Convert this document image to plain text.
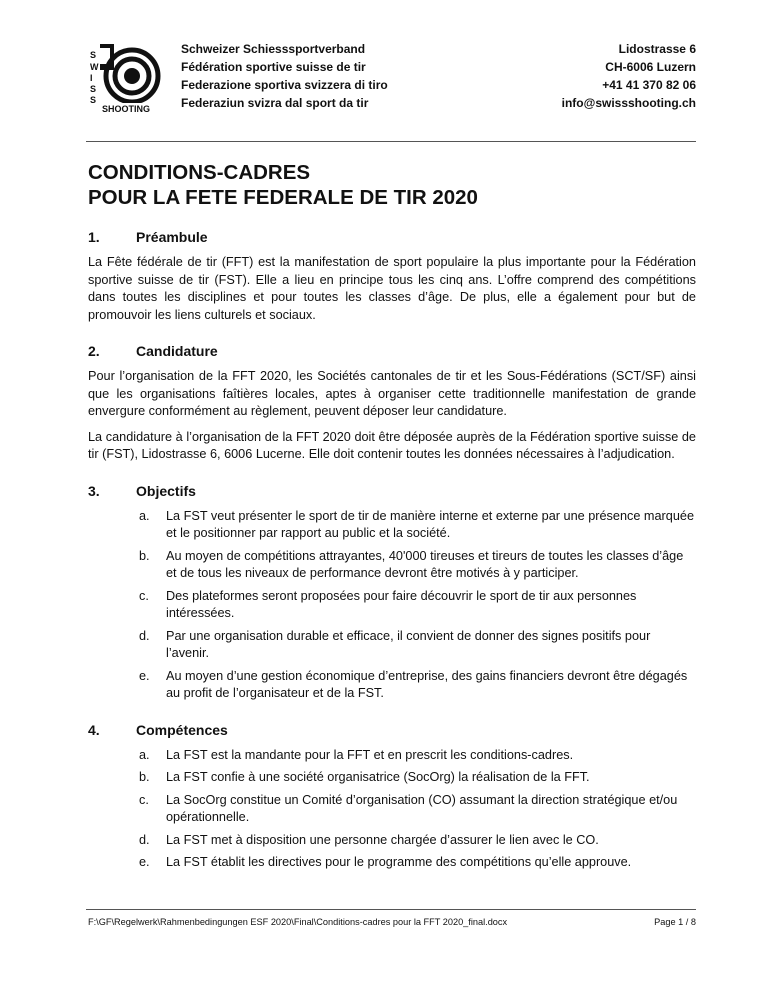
S
W
I
S
S
SHOOTING
Schweizer Schiesssportverband
Fédération sportive suisse de tir
Federazione sportiva svizzera di tiro
Federaziun svizra dal sport da tir
Lidostrasse 6
CH-6006 Luzern
+41 41 370 82 06
info@swissshooting.ch
CONDITIONS-CADRES
POUR LA FETE FEDERALE DE TIR 2020
1.	Préambule

La Fête fédérale de tir (FFT) est la manifestation de sport populaire la plus importante pour la Fédération sportive suisse de tir (FST). Elle a lieu en principe tous les cinq ans. L’offre comprend des compétitions dans toutes les disciplines et pour toutes les classes d’âge. De plus, elle a également pour but de promouvoir les liens culturels et sociaux.

2.	Candidature

Pour l’organisation de la FFT 2020, les Sociétés cantonales de tir et les Sous-Fédérations (SCT/SF) ainsi que les organisations faîtières locales, aptes à organiser cette traditionnelle manifestation de grande envergure conformément au règlement, peuvent déposer leur candidature.

La candidature à l’organisation de la FFT 2020 doit être déposée auprès de la Fédération sportive suisse de tir (FST), Lidostrasse 6, 6006 Lucerne. Elle doit contenir toutes les données nécessaires à l’adjudication.

3.	Objectifs
a.	La FST veut présenter le sport de tir de manière interne et externe par une présence marquée et le positionner par rapport au public et la société.
b.	Au moyen de compétitions attrayantes, 40'000 tireuses et tireurs de toutes les classes d’âge et de tous les niveaux de performance devront être motivés à y participer.
c.	Des plateformes seront proposées pour faire découvrir le sport de tir aux personnes intéressées.
d.	Par une organisation durable et efficace, il convient de donner des signes positifs pour l’avenir.
e.	Au moyen d’une gestion économique d’entreprise, des gains financiers devront être dégagés au profit de l’organisateur et de la FST.
4.	Compétences
a.	La FST est la mandante pour la FFT et en prescrit les conditions-cadres.
b.	La FST confie à une société organisatrice (SocOrg) la réalisation de la FFT.
c.	La SocOrg constitue un Comité d’organisation (CO) assumant la direction stratégique et/ou opérationnelle.
d.	La FST met à disposition une personne chargée d’assurer le lien avec le CO.
e.	La FST établit les directives pour le programme des compétitions qu’elle approuve.
F:\GF\Regelwerk\Rahmenbedingungen ESF 2020\Final\Conditions-cadres pour la FFT 2020_final.docx	Page 1 / 8
